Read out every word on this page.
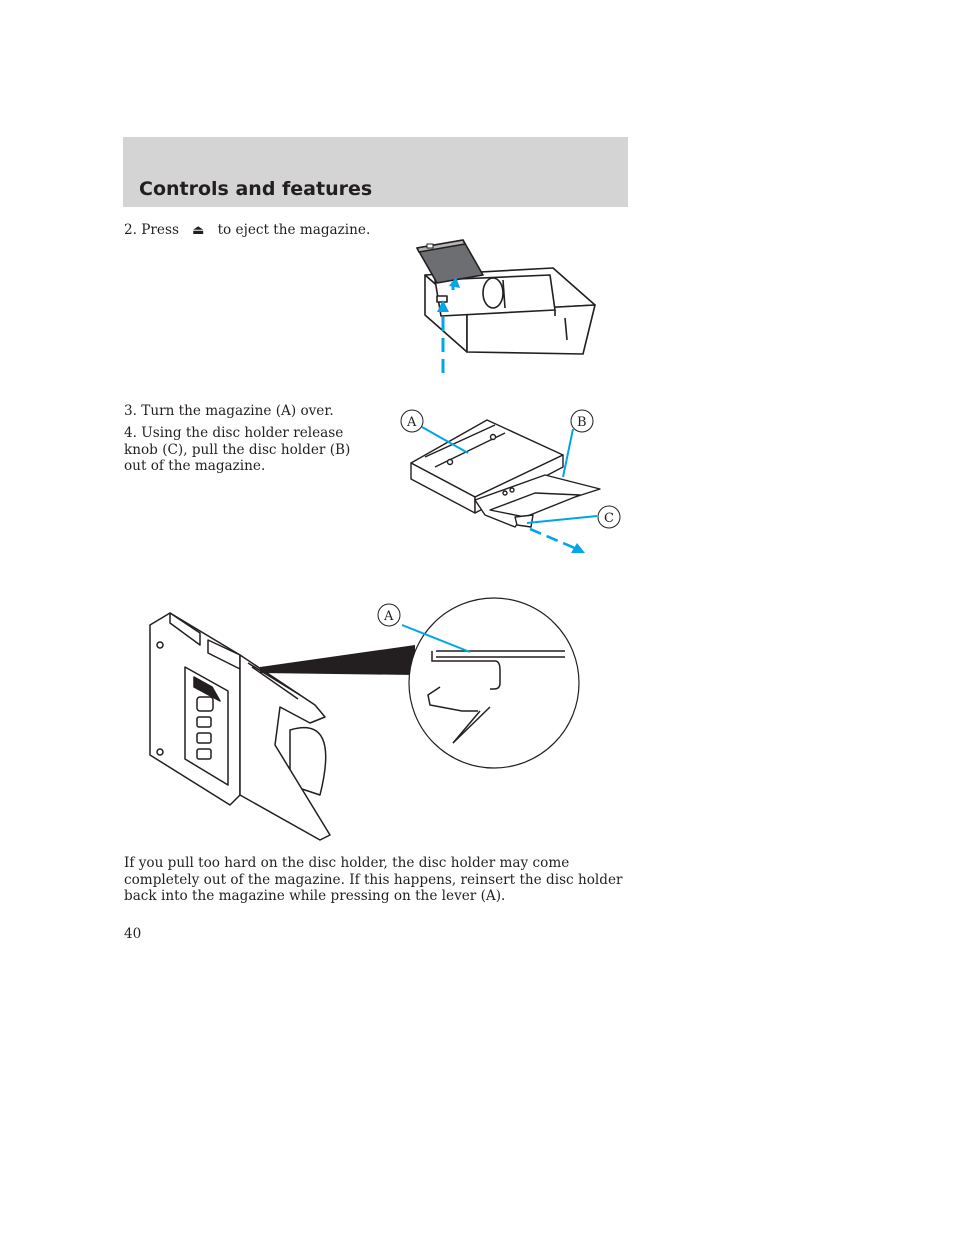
Controls and features
2. Press ⏏ to eject the magazine.
3. Turn the magazine (A) over.
4. Using the disc holder release knob (C), pull the disc holder (B) out of the magazine.
A	B
C
A
If you pull too hard on the disc holder, the disc holder may come completely out of the magazine. If this happens, reinsert the disc holder back into the magazine while pressing on the lever (A).
40
